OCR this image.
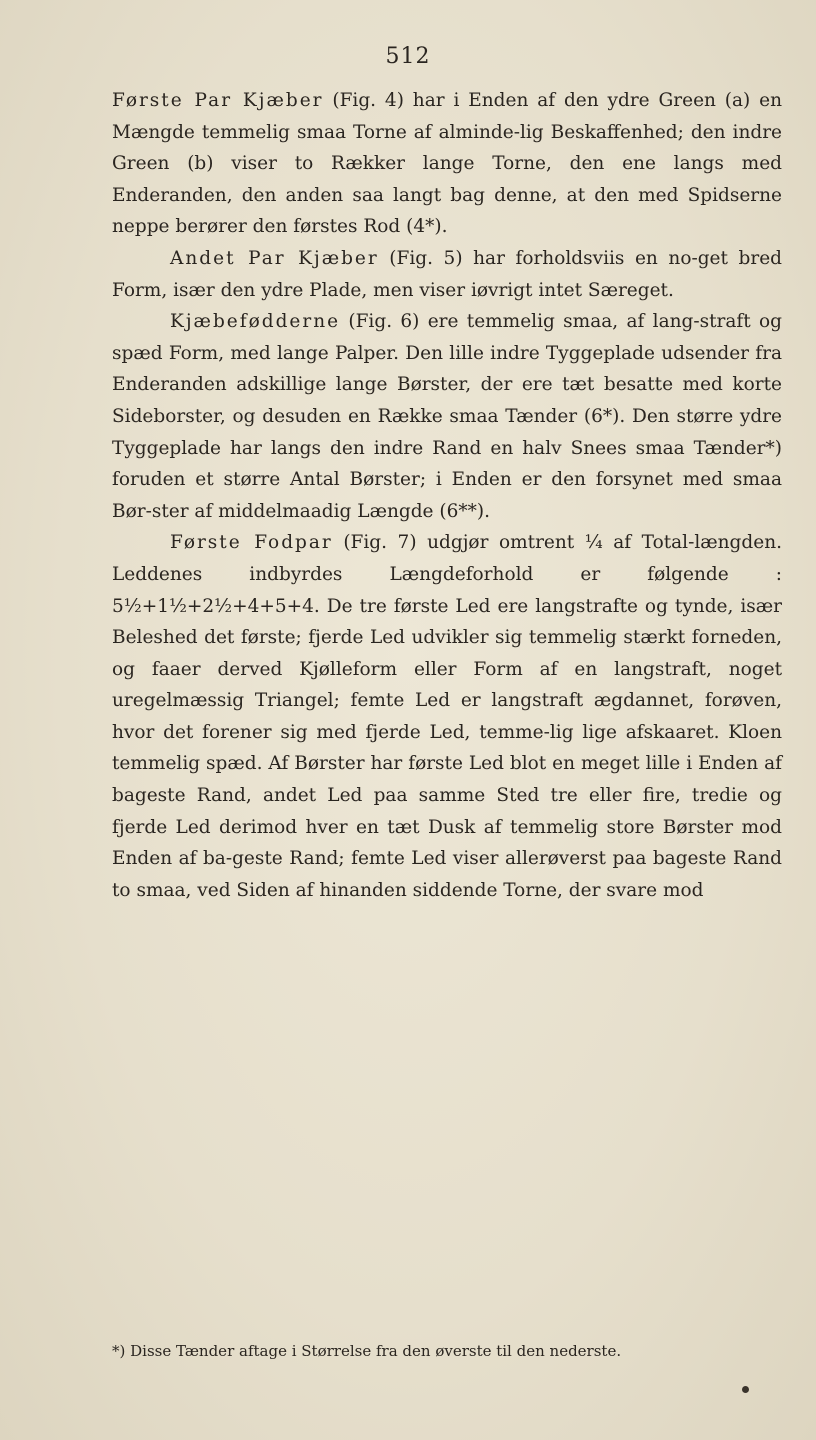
512

Første Par Kjæber (Fig. 4) har i Enden af den ydre Green (a) en Mængde temmelig smaa Torne af alminde-lig Beskaffenhed; den indre Green (b) viser to Rækker lange Torne, den ene langs med Enderanden, den anden saa langt bag denne, at den med Spidserne neppe berører den førstes Rod (4*).

Andet Par Kjæber (Fig. 5) har forholdsviis en no-get bred Form, især den ydre Plade, men viser iøvrigt intet Særeget.

Kjæbefødderne (Fig. 6) ere temmelig smaa, af lang-straft og spæd Form, med lange Palper. Den lille indre Tyggeplade udsender fra Enderanden adskillige lange Børster, der ere tæt besatte med korte Sideborster, og desuden en Række smaa Tænder (6*). Den større ydre Tyggeplade har langs den indre Rand en halv Snees smaa Tænder*) foruden et større Antal Børster; i Enden er den forsynet med smaa Bør-ster af middelmaadig Længde (6**).

Første Fodpar (Fig. 7) udgjør omtrent ¼ af Total-længden. Leddenes indbyrdes Længdeforhold er følgende : 5½+1½+2½+4+5+4. De tre første Led ere langstrafte og tynde, især Beleshed det første; fjerde Led udvikler sig temmelig stærkt forneden, og faaer derved Kjølleform eller Form af en langstraft, noget uregelmæssig Triangel; femte Led er langstraft ægdannet, forøven, hvor det forener sig med fjerde Led, temme-lig lige afskaaret. Kloen temmelig spæd. Af Børster har første Led blot en meget lille i Enden af bageste Rand, andet Led paa samme Sted tre eller fire, tredie og fjerde Led derimod hver en tæt Dusk af temmelig store Børster mod Enden af ba-geste Rand; femte Led viser allerøverst paa bageste Rand to smaa, ved Siden af hinanden siddende Torne, der svare mod

*) Disse Tænder aftage i Størrelse fra den øverste til den nederste.
